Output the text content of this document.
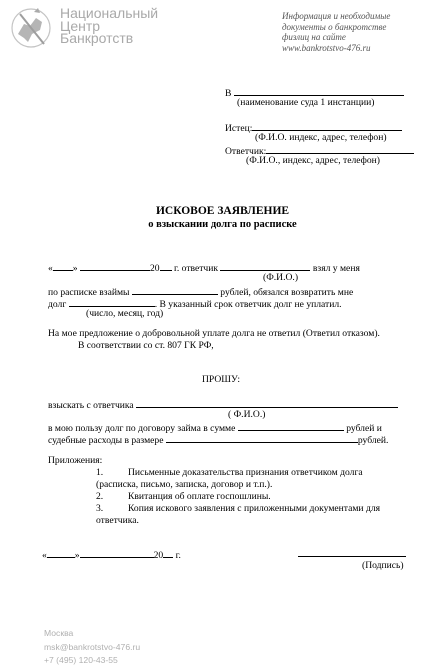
Национальный
Центр
Банкротств
Информация и необходимые
документы о банкротстве
физлиц на сайте
www.bankrotstvo-476.ru
В
(наименование суда 1 инстанции)
Истец:
(Ф.И.О. индекс, адрес, телефон)
Ответчик:
(Ф.И.О., индекс, адрес, телефон)
ИСКОВОЕ ЗАЯВЛЕНИЕ
о взыскании долга по расписке
« »	20 г. ответчик	взял у меня
(Ф.И.О.)
по расписке взаймы	рублей, обязался возвратить мне
долг	. В указанный срок ответчик долг не уплатил.
(число, месяц, год)
На мое предложение о добровольной уплате долга не ответил (Ответил отказом).
В соответствии со ст. 807 ГК РФ,
ПРОШУ:
взыскать с ответчика
( Ф.И.О.)
в мою пользу долг по договору займа в сумме	рублей и
судебные расходы в размере	рублей.
Приложения:
1.	Письменные доказательства признания ответчиком долга
(расписка, письмо, записка, договор и т.п.).
2.	Квитанция об оплате госпошлины.
3.	Копия искового заявления с приложенными документами для
ответчика.
«	»	20 г.
(Подпись)
Москва
msk@bankrotstvo-476.ru
+7 (495) 120-43-55
